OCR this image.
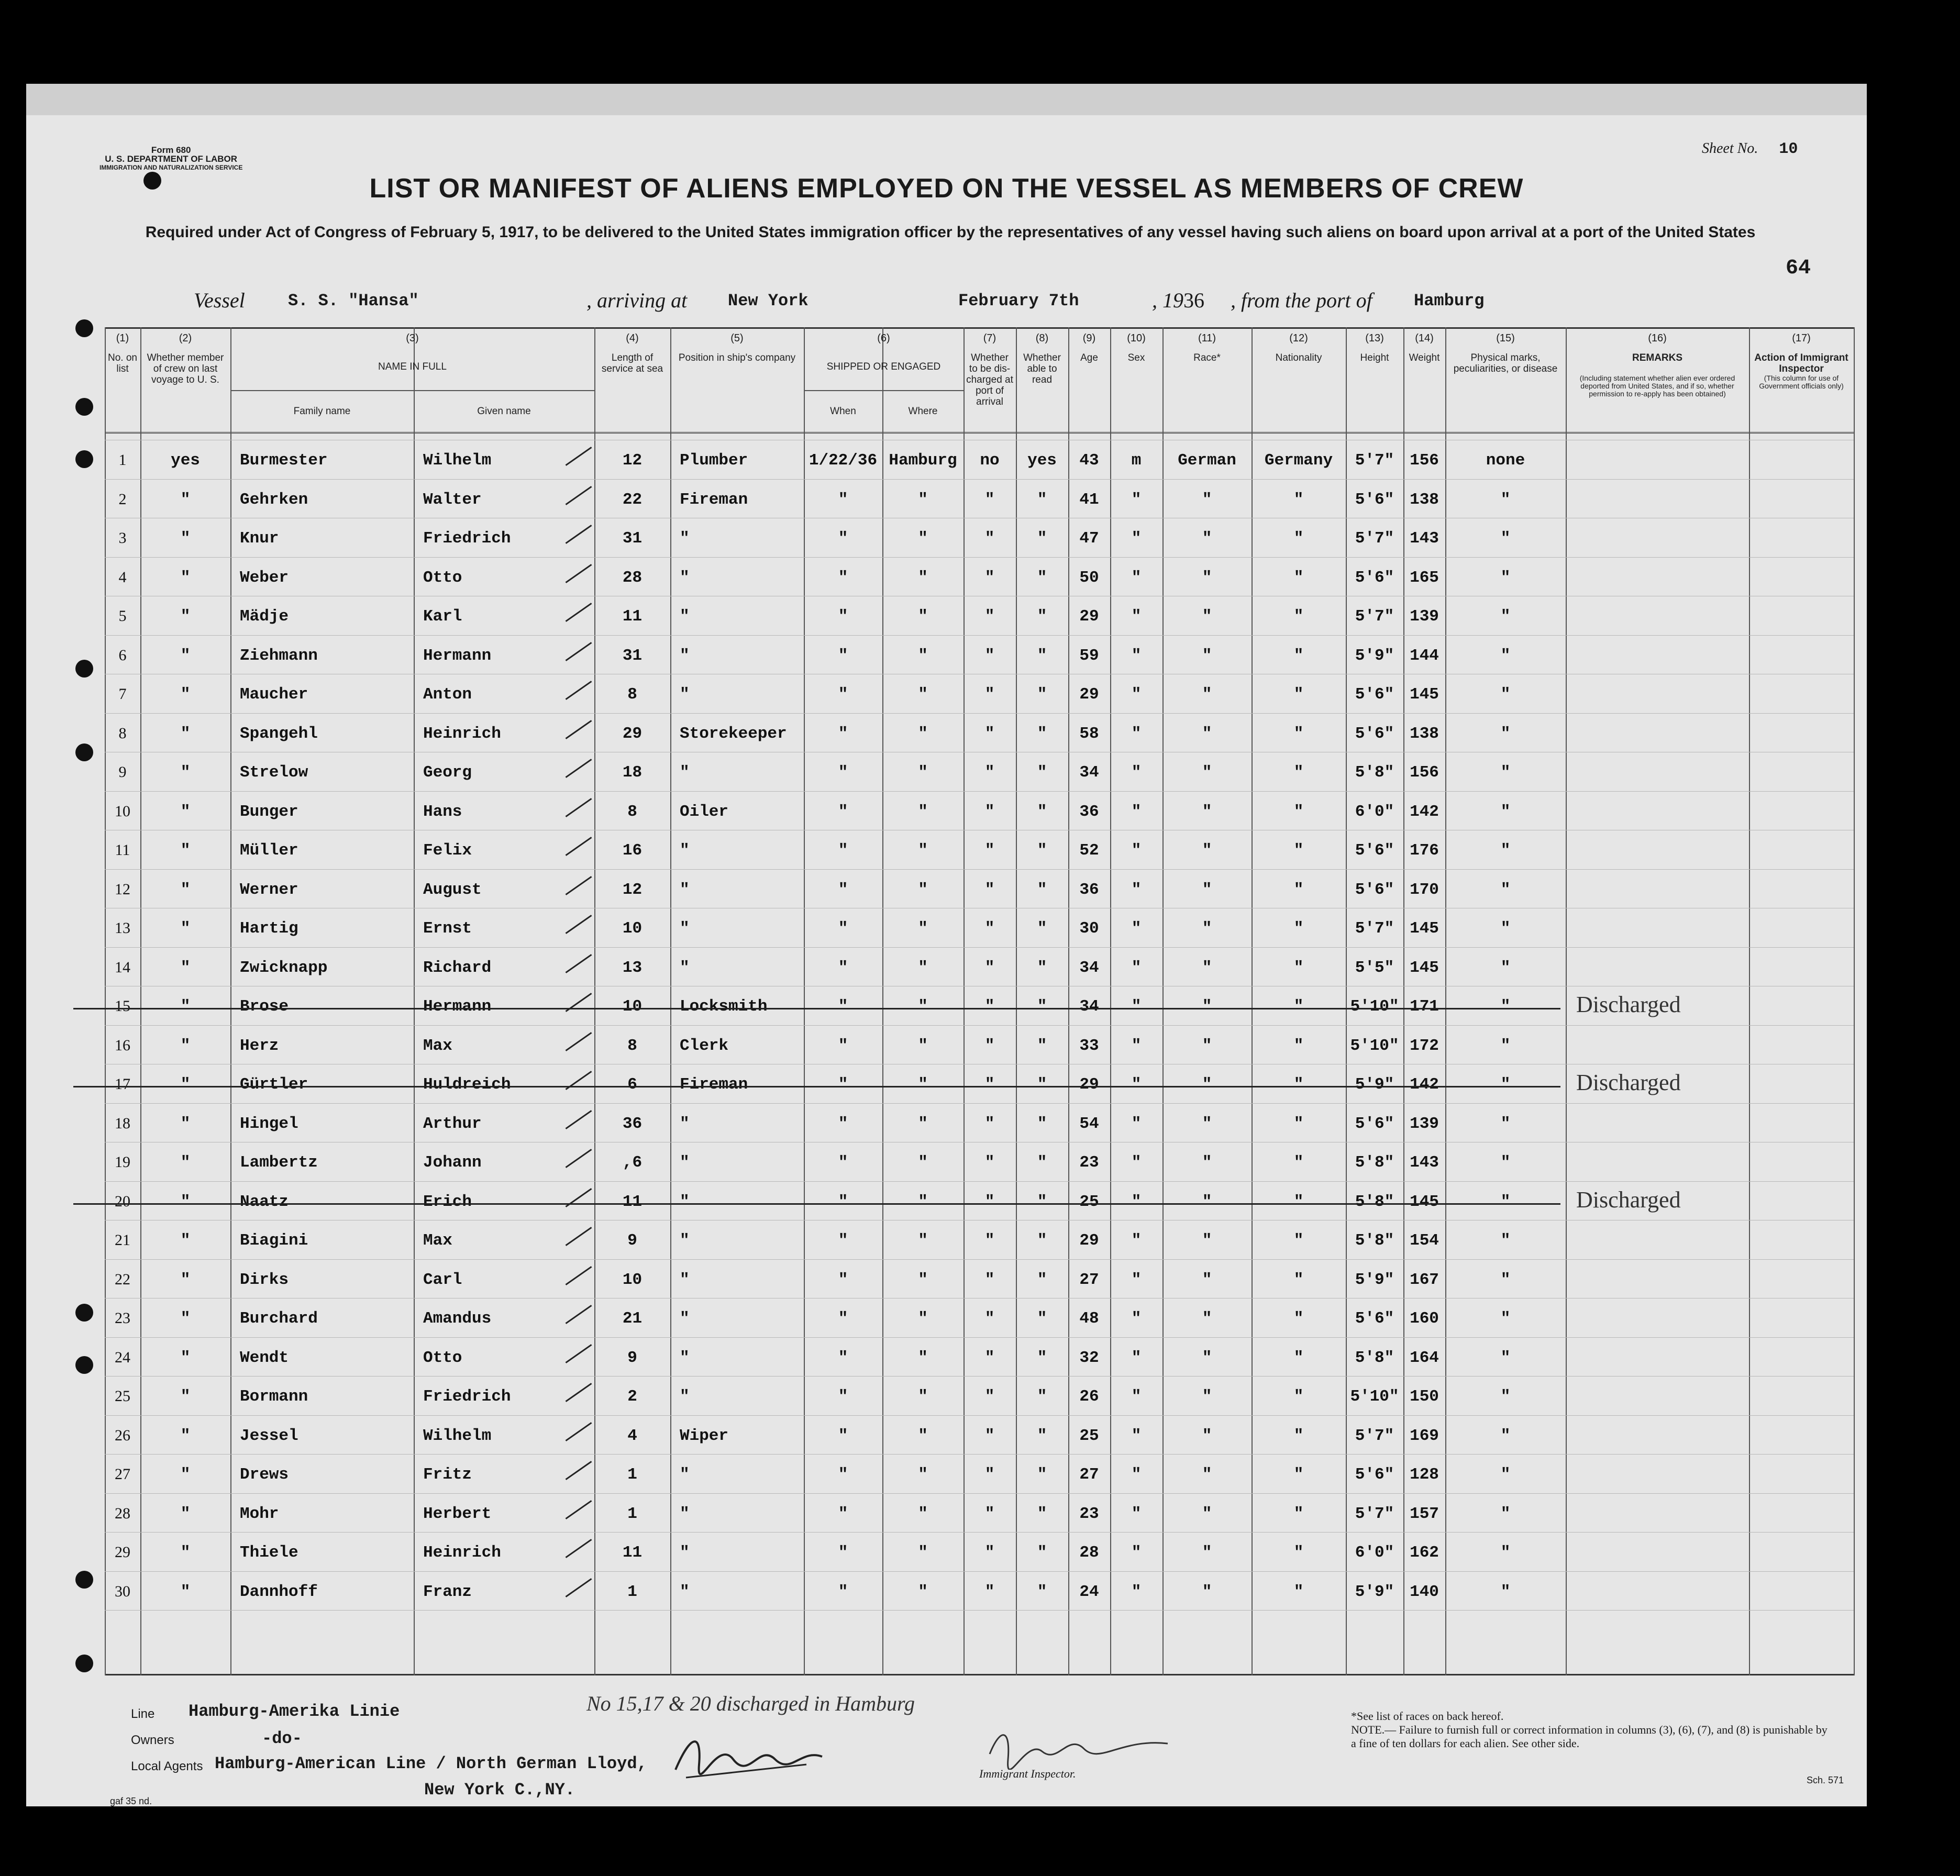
Form 680
U. S. DEPARTMENT OF LABOR
IMMIGRATION AND NATURALIZATION SERVICE
Sheet No. 10
64
LIST OR MANIFEST OF ALIENS EMPLOYED ON THE VESSEL AS MEMBERS OF CREW
Required under Act of Congress of February 5, 1917, to be delivered to the United States immigration officer by the representatives of any vessel having such aliens on board upon arrival at a port of the United States
Vessel	S. S. "Hansa"	, arriving at New York	February 7th	, 1936 , from the port of Hamburg
(1)
No. on list
(2)
Whether member of crew on last voyage to U. S.
(3)
NAME IN FULL
Family name	Given name
(4)
Length of service at sea
(5)
Position in ship's company
(6)
SHIPPED OR ENGAGED
When	Where
(7)
Whether to be dis-charged at port of arrival
(8)
Whether able to read
(9)
Age
(10)
Sex
(11)
Race*
(12)
Nationality
(13)
Height
(14)
Weight
(15)
Physical marks, peculiarities, or disease
(16)
REMARKS
(Including statement whether alien ever ordered deported from United States, and if so, whether permission to re-apply has been obtained)
(17)
Action of Immigrant Inspector
(This column for use of Government officials only)
1	yes	Burmester	Wilhelm	12	Plumber	1/22/36 Hamburg	no	yes	43	m	German	Germany	5'7" 156	none
2	"	Gehrken	Walter	22	Fireman	"	"	"	"	41	"	"	"	5'6" 138	"
3	"	Knur	Friedrich	31	"	"	"	"	"	47	"	"	"	5'7" 143	"
4	"	Weber	Otto	28	"	"	"	"	"	50	"	"	"	5'6" 165	"
5	"	Mädje	Karl	11	"	"	"	"	"	29	"	"	"	5'7" 139	"
6	"	Ziehmann	Hermann	31	"	"	"	"	"	59	"	"	"	5'9" 144	"
7	"	Maucher	Anton	8	"	"	"	"	"	29	"	"	"	5'6" 145	"
8	"	Spangehl	Heinrich	29	Storekeeper	"	"	"	"	58	"	"	"	5'6" 138	"
9	"	Strelow	Georg	18	"	"	"	"	"	34	"	"	"	5'8" 156	"
10	"	Bunger	Hans	8	Oiler	"	"	"	"	36	"	"	"	6'0" 142	"
11	"	Müller	Felix	16	"	"	"	"	"	52	"	"	"	5'6" 176	"
12	"	Werner	August	12	"	"	"	"	"	36	"	"	"	5'6" 170	"
13	"	Hartig	Ernst	10	"	"	"	"	"	30	"	"	"	5'7" 145	"
14	"	Zwicknapp	Richard	13	"	"	"	"	"	34	"	"	"	5'5" 145	"
15	"	Brose	Hermann	10	Locksmith	"	"	"	"	34	"	"	"	5'10" 171	"	Discharged
16	"	Herz	Max	8	Clerk	"	"	"	"	33	"	"	"	5'10" 172	"
17	"	Gürtler	Huldreich	6	Fireman	"	"	"	"	29	"	"	"	5'9" 142	"	Discharged
18	"	Hingel	Arthur	36	"	"	"	"	"	54	"	"	"	5'6" 139	"
19	"	Lambertz	Johann	,6	"	"	"	"	"	23	"	"	"	5'8" 143	"
20	"	Naatz	Erich	11	"	"	"	"	"	25	"	"	"	5'8" 145	"	Discharged
21	"	Biagini	Max	9	"	"	"	"	"	29	"	"	"	5'8" 154	"
22	"	Dirks	Carl	10	"	"	"	"	"	27	"	"	"	5'9" 167	"
23	"	Burchard	Amandus	21	"	"	"	"	"	48	"	"	"	5'6" 160	"
24	"	Wendt	Otto	9	"	"	"	"	"	32	"	"	"	5'8" 164	"
25	"	Bormann	Friedrich	2	"	"	"	"	"	26	"	"	"	5'10" 150	"
26	"	Jessel	Wilhelm	4	Wiper	"	"	"	"	25	"	"	"	5'7" 169	"
27	"	Drews	Fritz	1	"	"	"	"	"	27	"	"	"	5'6" 128	"
28	"	Mohr	Herbert	1	"	"	"	"	"	23	"	"	"	5'7" 157	"
29	"	Thiele	Heinrich	11	"	"	"	"	"	28	"	"	"	6'0" 162	"
30	"	Dannhoff	Franz	1	"	"	"	"	"	24	"	"	"	5'9" 140	"
Line Hamburg-Amerika Linie
Owners	-do-
Local Agents Hamburg-American Line / North German Lloyd,
New York C.,NY.
No 15,17 & 20 discharged in Hamburg
Immigrant Inspector.
*See list of races on back hereof.
NOTE.— Failure to furnish full or correct information in columns (3), (6), (7), and (8) is punishable by a fine of ten dollars for each alien. See other side.
Sch. 571
gaf 35 nd.
